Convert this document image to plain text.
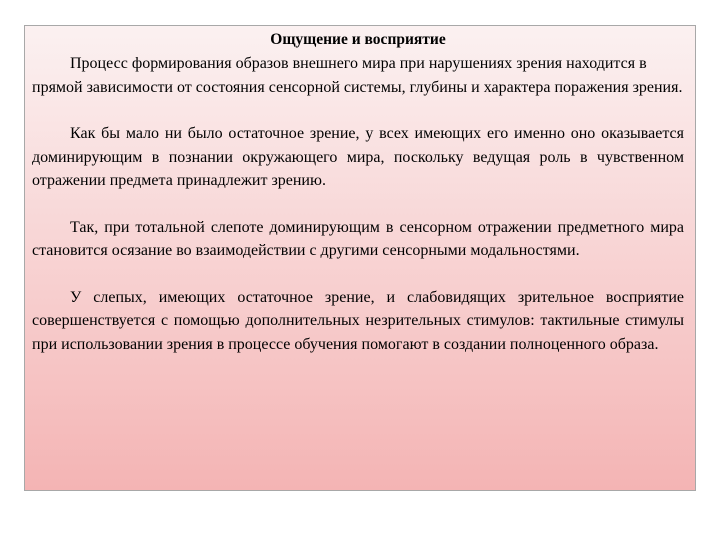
Ощущение и восприятие

Процесс формирования образов внешнего мира при нарушениях зрения находится в прямой зависимости от состояния сенсорной системы, глубины и характера поражения зрения.

Как бы мало ни было остаточное зрение, у всех имеющих его именно оно оказывается доминирующим в познании окружающего мира, поскольку ведущая роль в чувственном отражении предмета принадлежит зрению.

Так, при тотальной слепоте доминирующим в сенсорном отражении предметного мира становится осязание во взаимодействии с другими сенсорными модальностями.

У слепых, имеющих остаточное зрение, и слабовидящих зрительное восприятие совершенствуется с помощью дополнительных незрительных стимулов: тактильные стимулы при использовании зрения в процессе обучения помогают в создании полноценного образа.
